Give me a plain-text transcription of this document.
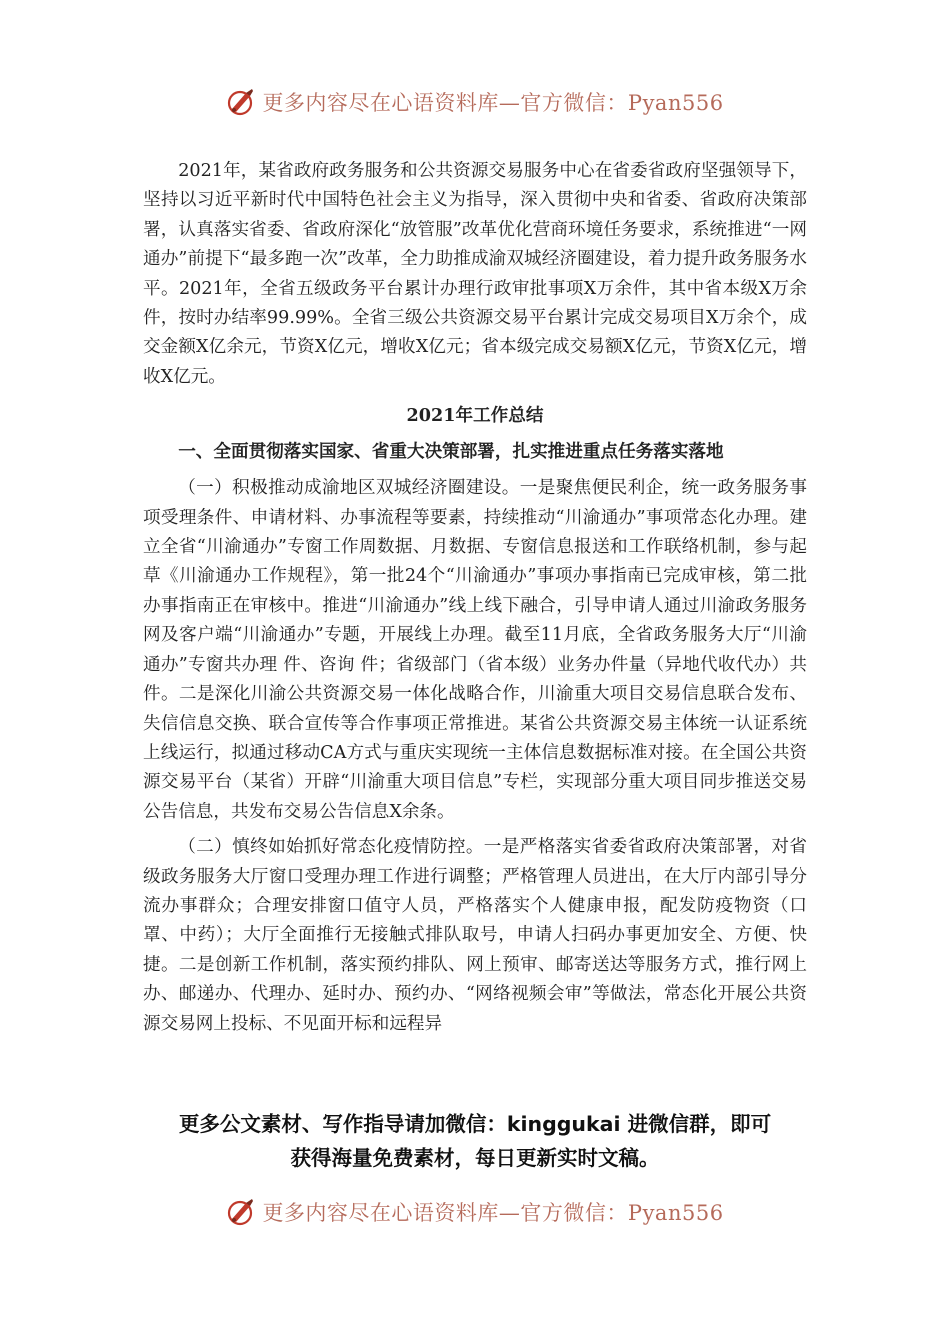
更多内容尽在心语资料库—官方微信：Pyan556

2021年，某省政府政务服务和公共资源交易服务中心在省委省政府坚强领导下，坚持以习近平新时代中国特色社会主义为指导，深入贯彻中央和省委、省政府决策部署，认真落实省委、省政府深化“放管服”改革优化营商环境任务要求，系统推进“一网通办”前提下“最多跑一次”改革，全力助推成渝双城经济圈建设，着力提升政务服务水平。2021年，全省五级政务平台累计办理行政审批事项X万余件，其中省本级X万余件，按时办结率99.99%。全省三级公共资源交易平台累计完成交易项目X万余个，成交金额X亿余元，节资X亿元，增收X亿元；省本级完成交易额X亿元，节资X亿元，增收X亿元。

2021年工作总结
一、全面贯彻落实国家、省重大决策部署，扎实推进重点任务落实落地

（一）积极推动成渝地区双城经济圈建设。一是聚焦便民利企，统一政务服务事项受理条件、申请材料、办事流程等要素，持续推动“川渝通办”事项常态化办理。建立全省“川渝通办”专窗工作周数据、月数据、专窗信息报送和工作联络机制，参与起草《川渝通办工作规程》，第一批24个“川渝通办”事项办事指南已完成审核，第二批办事指南正在审核中。推进“川渝通办”线上线下融合，引导申请人通过川渝政务服务网及客户端“川渝通办”专题，开展线上办理。截至11月底，全省政务服务大厅“川渝通办”专窗共办理 件、咨询 件；省级部门（省本级）业务办件量（异地代收代办）共 件。二是深化川渝公共资源交易一体化战略合作，川渝重大项目交易信息联合发布、失信信息交换、联合宣传等合作事项正常推进。某省公共资源交易主体统一认证系统上线运行，拟通过移动CA方式与重庆实现统一主体信息数据标准对接。在全国公共资源交易平台（某省）开辟“川渝重大项目信息”专栏，实现部分重大项目同步推送交易公告信息，共发布交易公告信息X余条。

（二）慎终如始抓好常态化疫情防控。一是严格落实省委省政府决策部署，对省级政务服务大厅窗口受理办理工作进行调整；严格管理人员进出，在大厅内部引导分流办事群众；合理安排窗口值守人员，严格落实个人健康申报，配发防疫物资（口罩、中药）；大厅全面推行无接触式排队取号，申请人扫码办事更加安全、方便、快捷。二是创新工作机制，落实预约排队、网上预审、邮寄送达等服务方式，推行网上办、邮递办、代理办、延时办、预约办、“网络视频会审”等做法，常态化开展公共资源交易网上投标、不见面开标和远程异

更多公文素材、写作指导请加微信：kinggukai 进微信群，即可
获得海量免费素材，每日更新实时文稿。
更多内容尽在心语资料库—官方微信：Pyan556
